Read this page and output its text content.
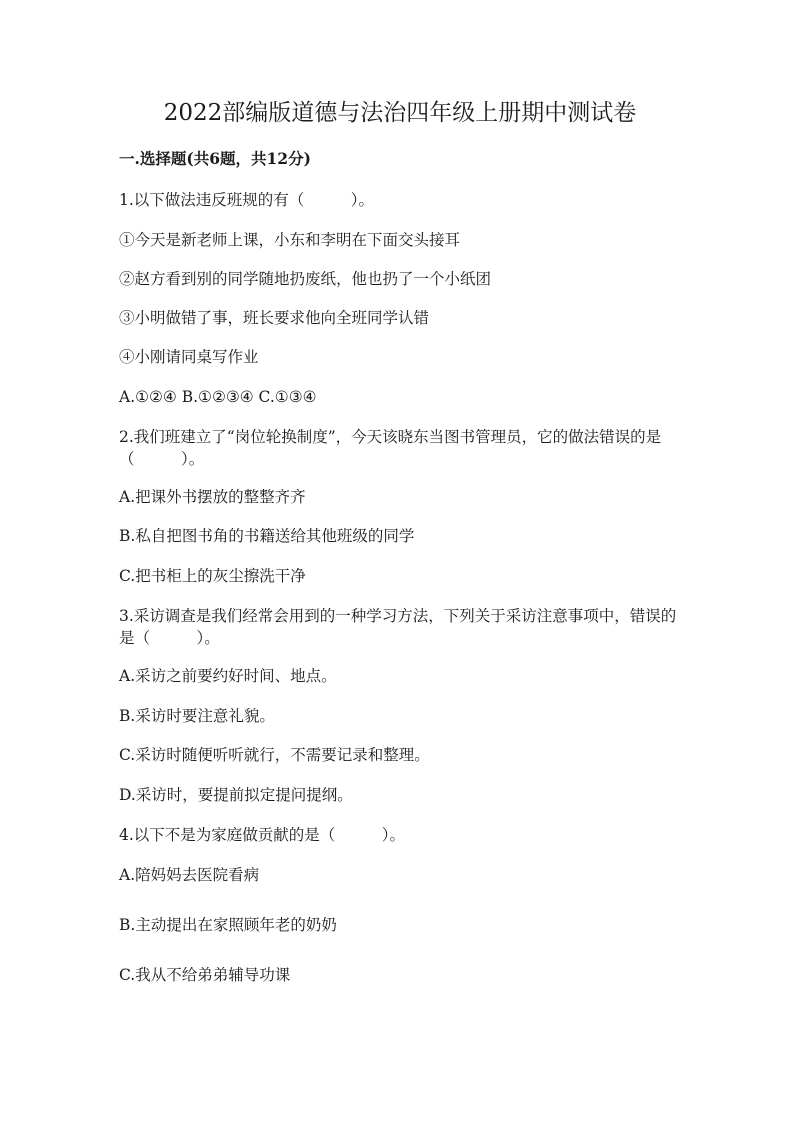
2022部编版道德与法治四年级上册期中测试卷
一.选择题(共6题，共12分)
1.以下做法违反班规的有（　　　）。
①今天是新老师上课，小东和李明在下面交头接耳
②赵方看到别的同学随地扔废纸，他也扔了一个小纸团
③小明做错了事，班长要求他向全班同学认错
④小刚请同桌写作业
A.①②④ B.①②③④ C.①③④
2.我们班建立了“岗位轮换制度”，今天该晓东当图书管理员，它的做法错误的是（　　　）。
A.把课外书摆放的整整齐齐
B.私自把图书角的书籍送给其他班级的同学
C.把书柜上的灰尘擦洗干净
3.采访调查是我们经常会用到的一种学习方法，下列关于采访注意事项中，错误的是（　　　）。
A.采访之前要约好时间、地点。
B.采访时要注意礼貌。
C.采访时随便听听就行，不需要记录和整理。
D.采访时，要提前拟定提问提纲。
4.以下不是为家庭做贡献的是（　　　）。
A.陪妈妈去医院看病
B.主动提出在家照顾年老的奶奶
C.我从不给弟弟辅导功课
